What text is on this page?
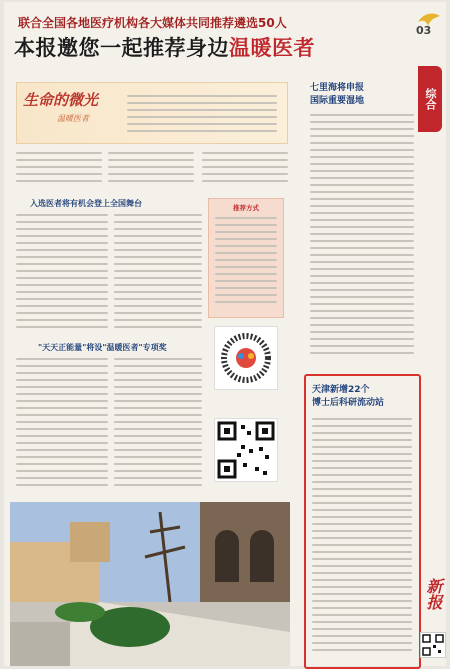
联合全国各地医疗机构各大媒体共同推荐遴选50人
本报邀您一起推荐身边温暖医者
03
综合
生命的微光
温暖医者
入选医者将有机会登上全国舞台	推荐方式
"天天正能量"将设"温暖医者"专项奖
七里海将申报
国际重要湿地
天津新增22个
博士后科研流动站
新报
